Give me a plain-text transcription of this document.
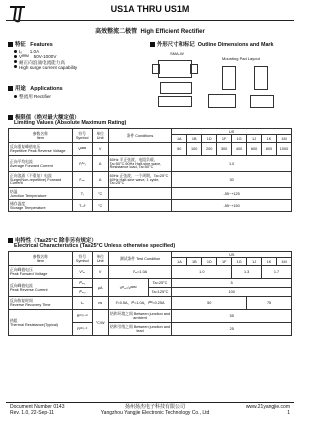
US1A THRU US1M
高效整流二极管 High Efficient Rectifier
特征 Features
Iₒ 1.0A
Vᴿᴿᴹ 50V-1000V
耐正向浪涌电流能力高
High surge current capability
用途 Applications
整流用 Rectifier
外形尺寸和标记 Outline Dimensions and Mark
SMA-W
Mounting Pad Layout
极限值（绝对最大额定值）
Limiting Values (Absolute Maximum Rating)
参数名称
Item	符号 Symbol	单位 Unit	条件 Conditions	US							
				1A	1B	1D	1F	1G	1J	1K	1M
反向重复峰值电压
Repetitive Peak Reverse Voltage	Vᴿᴿᴹ	V		50	100	200	300	400	600	800	1000
正向平均电流
Average Forward Current	Iᶠ₍ᴬᵛ₎	A	60Hz 半正弦波，电阻负载，Ta=50°C 60Hz Half-sine wave, Resistance load, Ta=50°C	1.0							
正向浪涌（不重复）电流
Surge(Non-repetitive) Forward Current	Iᶠₛₘ	A	60Hz 正弦波，一个周期，Ta=25°C 60Hz Half-sine wave, 1 cycle, Ta=25°C	30							
结温
Junction Temperature	Tⱼ	°C		-55~+125							
储存温度
Storage Temperature	Tₛₜᵍ	°C		-55~+150							
电特性（Ta≥25°C 除非另有规定）
Electrical Characteristics (Ta≥25°C Unless otherwise specified)
参数名称
Item	符号 Symbol	单位 Unit	测试条件 Test Condition		US							
					1A	1B	1D	1F	1G	1J	1K	1M
正向峰值电压
Peak Forward Voltage	Vᶠₘ	V	Iᶠₘ=1.0A		1.0				1.3		1.7	
反向峰值电流
Peak Reverse Current	Iᴿₘ₁	μA	Vᴿₘ=Vᴿᴿᴹ	Ta=25°C	5							
	Iᴿₘ₂			Ta=125°C	100							
反向恢复时间
Reverse Recovery Time	tᵣᵣ	ns	Iᶠ=0.5A，Iᴿ=1.0A，Iᴿᴿ=0.25A		50					75		
热阻
Thermal Resistance(Typical)	Rᵗʰ⁽ʲ⁻ᵃ⁾	°C/W	结和环境之间 Between junction and ambient		55							
	Rᵗʰ⁽ʲ⁻ˡ⁾		结和引线之间 Between junction and lead		25							
Document Number 0143
Rev. 1.0, 22-Sep-11
扬州扬杰电子科技有限公司
Yangzhou Yangjie Electronic Technology Co., Ltd
www.21yangjie.com
1
